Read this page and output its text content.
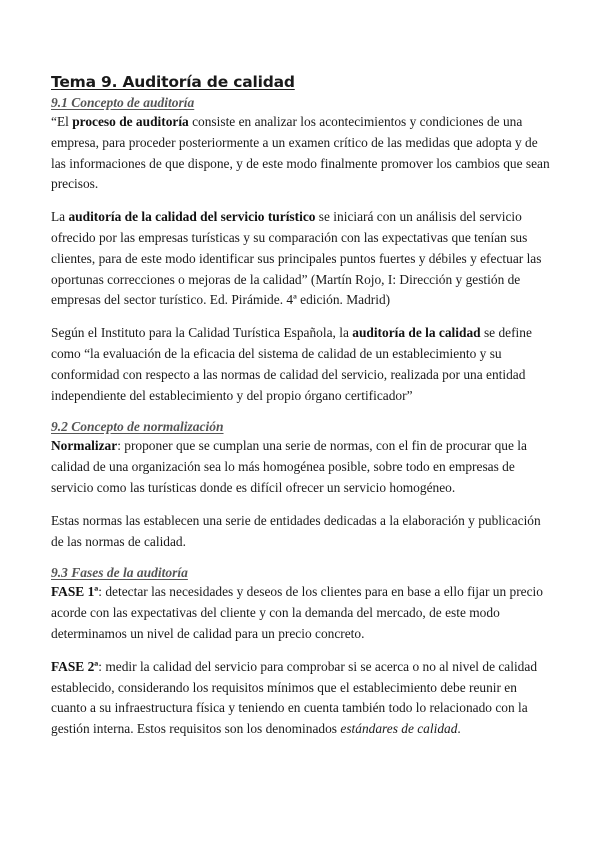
Tema 9. Auditoría de calidad
9.1 Concepto de auditoría

“El proceso de auditoría consiste en analizar los acontecimientos y condiciones de una empresa, para proceder posteriormente a un examen crítico de las medidas que adopta y de las informaciones de que dispone, y de este modo finalmente promover los cambios que sean precisos.

La auditoría de la calidad del servicio turístico se iniciará con un análisis del servicio ofrecido por las empresas turísticas y su comparación con las expectativas que tenían sus clientes, para de este modo identificar sus principales puntos fuertes y débiles y efectuar las oportunas correcciones o mejoras de la calidad” (Martín Rojo, I: Dirección y gestión de empresas del sector turístico. Ed. Pirámide. 4ª edición. Madrid)

Según el Instituto para la Calidad Turística Española, la auditoría de la calidad se define como “la evaluación de la eficacia del sistema de calidad de un establecimiento y su conformidad con respecto a las normas de calidad del servicio, realizada por una entidad independiente del establecimiento y del propio órgano certificador”

9.2 Concepto de normalización

Normalizar: proponer que se cumplan una serie de normas, con el fin de procurar que la calidad de una organización sea lo más homogénea posible, sobre todo en empresas de servicio como las turísticas donde es difícil ofrecer un servicio homogéneo.

Estas normas las establecen una serie de entidades dedicadas a la elaboración y publicación de las normas de calidad.

9.3 Fases de la auditoría

FASE 1ª: detectar las necesidades y deseos de los clientes para en base a ello fijar un precio acorde con las expectativas del cliente y con la demanda del mercado, de este modo determinamos un nivel de calidad para un precio concreto.

FASE 2ª: medir la calidad del servicio para comprobar si se acerca o no al nivel de calidad establecido, considerando los requisitos mínimos que el establecimiento debe reunir en cuanto a su infraestructura física y teniendo en cuenta también todo lo relacionado con la gestión interna. Estos requisitos son los denominados estándares de calidad.
